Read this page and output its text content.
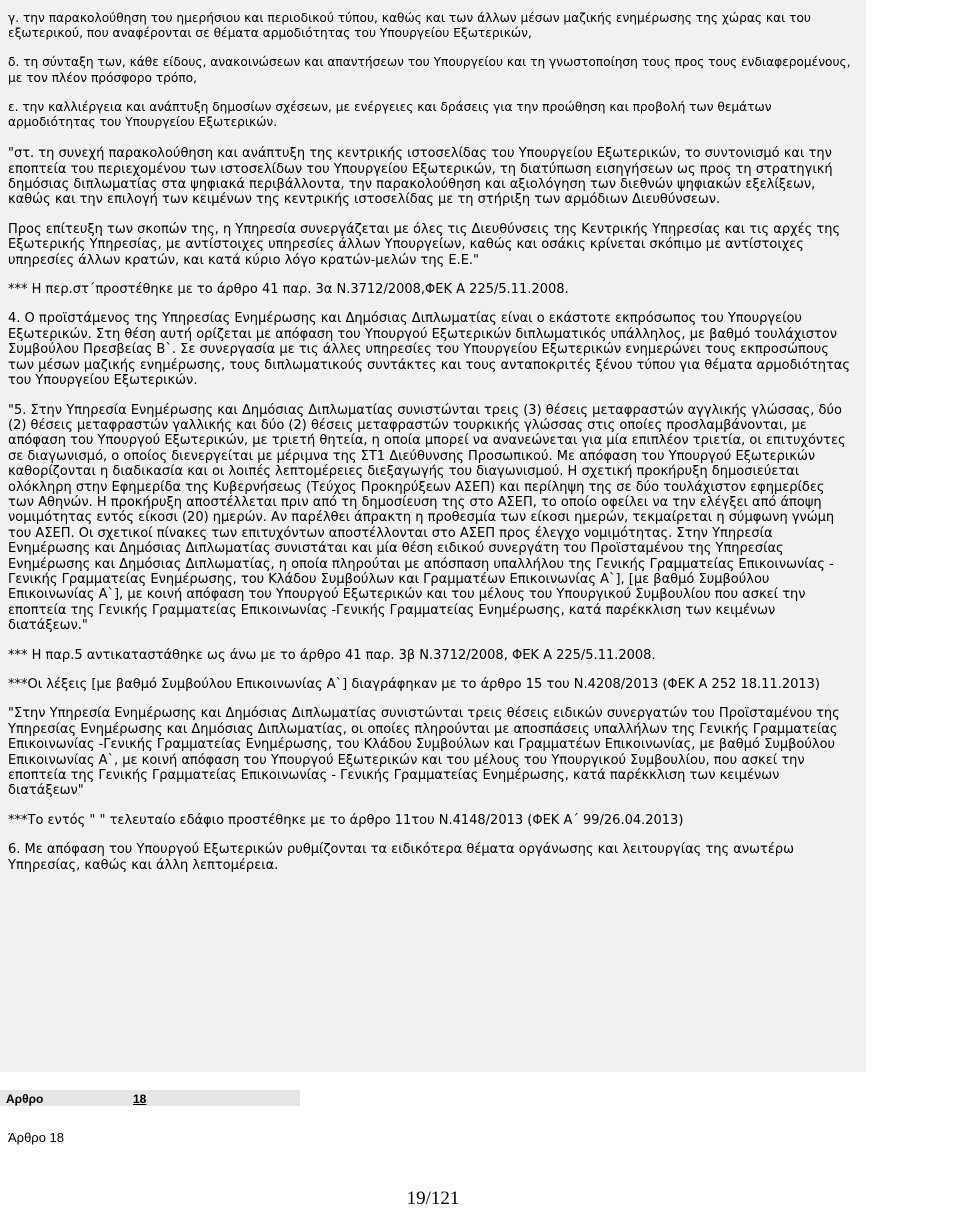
γ. την παρακολούθηση του ημερήσιου και περιοδικού τύπου, καθώς και των άλλων μέσων μαζικής ενημέρωσης της χώρας και του εξωτερικού, που αναφέρονται σε θέματα αρμοδιότητας του Υπουργείου Εξωτερικών,

δ. τη σύνταξη των, κάθε είδους, ανακοινώσεων και απαντήσεων του Υπουργείου και τη γνωστοποίηση τους προς τους ενδιαφερομένους, με τον πλέον πρόσφορο τρόπο,

ε. την καλλιέργεια και ανάπτυξη δημοσίων σχέσεων, με ενέργειες και δράσεις για την προώθηση και προβολή των θεμάτων αρμοδιότητας του Υπουργείου Εξωτερικών.

"στ. τη συνεχή παρακολούθηση και ανάπτυξη της κεντρικής ιστοσελίδας του Υπουργείου Εξωτερικών, το συντονισμό και την εποπτεία του περιεχομένου των ιστοσελίδων του Υπουργείου Εξωτερικών, τη διατύπωση εισηγήσεων ως προς τη στρατηγική δημόσιας διπλωματίας στα ψηφιακά περιβάλλοντα, την παρακολούθηση και αξιολόγηση των διεθνών ψηφιακών εξελίξεων, καθώς και την επιλογή των κειμένων της κεντρικής ιστοσελίδας με τη στήριξη των αρμόδιων Διευθύνσεων.

Προς επίτευξη των σκοπών της, η Υπηρεσία συνεργάζεται με όλες τις Διευθύνσεις της Κεντρικής Υπηρεσίας και τις αρχές της Εξωτερικής Υπηρεσίας, με αντίστοιχες υπηρεσίες άλλων Υπουργείων, καθώς και οσάκις κρίνεται σκόπιμο με αντίστοιχες υπηρεσίες άλλων κρατών, και κατά κύριο λόγο κρατών-μελών της Ε.Ε."

*** Η περ.στ΄προστέθηκε με το άρθρο 41 παρ. 3α Ν.3712/2008,ΦΕΚ Α 225/5.11.2008.

4. Ο προϊστάμενος της Υπηρεσίας Ενημέρωσης και Δημόσιας Διπλωματίας είναι ο εκάστοτε εκπρόσωπος του Υπουργείου Εξωτερικών. Στη θέση αυτή ορίζεται με απόφαση του Υπουργού Εξωτερικών διπλωματικός υπάλληλος, με βαθμό τουλάχιστον Συμβούλου Πρεσβείας Β`. Σε συνεργασία με τις άλλες υπηρεσίες του Υπουργείου Εξωτερικών ενημερώνει τους εκπροσώπους των μέσων μαζικής ενημέρωσης, τους διπλωματικούς συντάκτες και τους ανταποκριτές ξένου τύπου για θέματα αρμοδιότητας του Υπουργείου Εξωτερικών.

"5. Στην Υπηρεσία Ενημέρωσης και Δημόσιας Διπλωματίας συνιστώνται τρεις (3) θέσεις μεταφραστών αγγλικής γλώσσας, δύο (2) θέσεις μεταφραστών γαλλικής και δύο (2) θέσεις μεταφραστών τουρκικής γλώσσας στις οποίες προσλαμβάνονται, με απόφαση του Υπουργού Εξωτερικών, με τριετή θητεία, η οποία μπορεί να ανανεώνεται για μία επιπλέον τριετία, οι επιτυχόντες σε διαγωνισμό, ο οποίος διενεργείται με μέριμνα της ΣΤ1 Διεύθυνσης Προσωπικού. Με απόφαση του Υπουργού Εξωτερικών καθορίζονται η διαδικασία και οι λοιπές λεπτομέρειες διεξαγωγής του διαγωνισμού. Η σχετική προκήρυξη δημοσιεύεται ολόκληρη στην Εφημερίδα της Κυβερνήσεως (Τεύχος Προκηρύξεων ΑΣΕΠ) και περίληψη της σε δύο τουλάχιστον εφημερίδες των Αθηνών. Η προκήρυξη αποστέλλεται πριν από τη δημοσίευση της στο ΑΣΕΠ, το οποίο οφείλει να την ελέγξει από άποψη νομιμότητας εντός είκοσι (20) ημερών. Αν παρέλθει άπρακτη η προθεσμία των είκοσι ημερών, τεκμαίρεται η σύμφωνη γνώμη του ΑΣΕΠ. Οι σχετικοί πίνακες των επιτυχόντων αποστέλλονται στο ΑΣΕΠ προς έλεγχο νομιμότητας. Στην Υπηρεσία Ενημέρωσης και Δημόσιας Διπλωματίας συνιστάται και μία θέση ειδικού συνεργάτη του Προϊσταμένου της Υπηρεσίας Ενημέρωσης και Δημόσιας Διπλωματίας, η οποία πληρούται με απόσπαση υπαλλήλου της Γενικής Γραμματείας Επικοινωνίας - Γενικής Γραμματείας Ενημέρωσης, του Κλάδου Συμβούλων και Γραμματέων Επικοινωνίας Α`], [με βαθμό Συμβούλου Επικοινωνίας Α`], με κοινή απόφαση του Υπουργού Εξωτερικών και του μέλους του Υπουργικού Συμβουλίου που ασκεί την εποπτεία της Γενικής Γραμματείας Επικοινωνίας -Γενικής Γραμματείας Ενημέρωσης, κατά παρέκκλιση των κειμένων διατάξεων."

*** Η παρ.5 αντικαταστάθηκε ως άνω με το άρθρο 41 παρ. 3β Ν.3712/2008, ΦΕΚ Α 225/5.11.2008.

***Οι λέξεις [με βαθμό Συμβούλου Επικοινωνίας Α`] διαγράφηκαν με το άρθρο 15 του Ν.4208/2013 (ΦΕΚ Α 252 18.11.2013)

"Στην Υπηρεσία Ενημέρωσης και Δημόσιας Διπλωματίας συνιστώνται τρεις θέσεις ειδικών συνεργατών του Προϊσταμένου της Υπηρεσίας Ενημέρωσης και Δημόσιας Διπλωματίας, οι οποίες πληρούνται με αποσπάσεις υπαλλήλων της Γενικής Γραμματείας Επικοινωνίας -Γενικής Γραμματείας Ενημέρωσης, του Κλάδου Συμβούλων και Γραμματέων Επικοινωνίας, με βαθμό Συμβούλου Επικοινωνίας Α`, με κοινή απόφαση του Υπουργού Εξωτερικών και του μέλους του Υπουργικού Συμβουλίου, που ασκεί την εποπτεία της Γενικής Γραμματείας Επικοινωνίας - Γενικής Γραμματείας Ενημέρωσης, κατά παρέκκλιση των κειμένων διατάξεων"

***Το εντός " " τελευταίο εδάφιο προστέθηκε με το άρθρο 11του Ν.4148/2013 (ΦΕΚ Α΄ 99/26.04.2013)

6. Με απόφαση του Υπουργού Εξωτερικών ρυθμίζονται τα ειδικότερα θέματα οργάνωσης και λειτουργίας της ανωτέρω Υπηρεσίας, καθώς και άλλη λεπτομέρεια.

Αρθρο	18
Άρθρο 18
19/121
